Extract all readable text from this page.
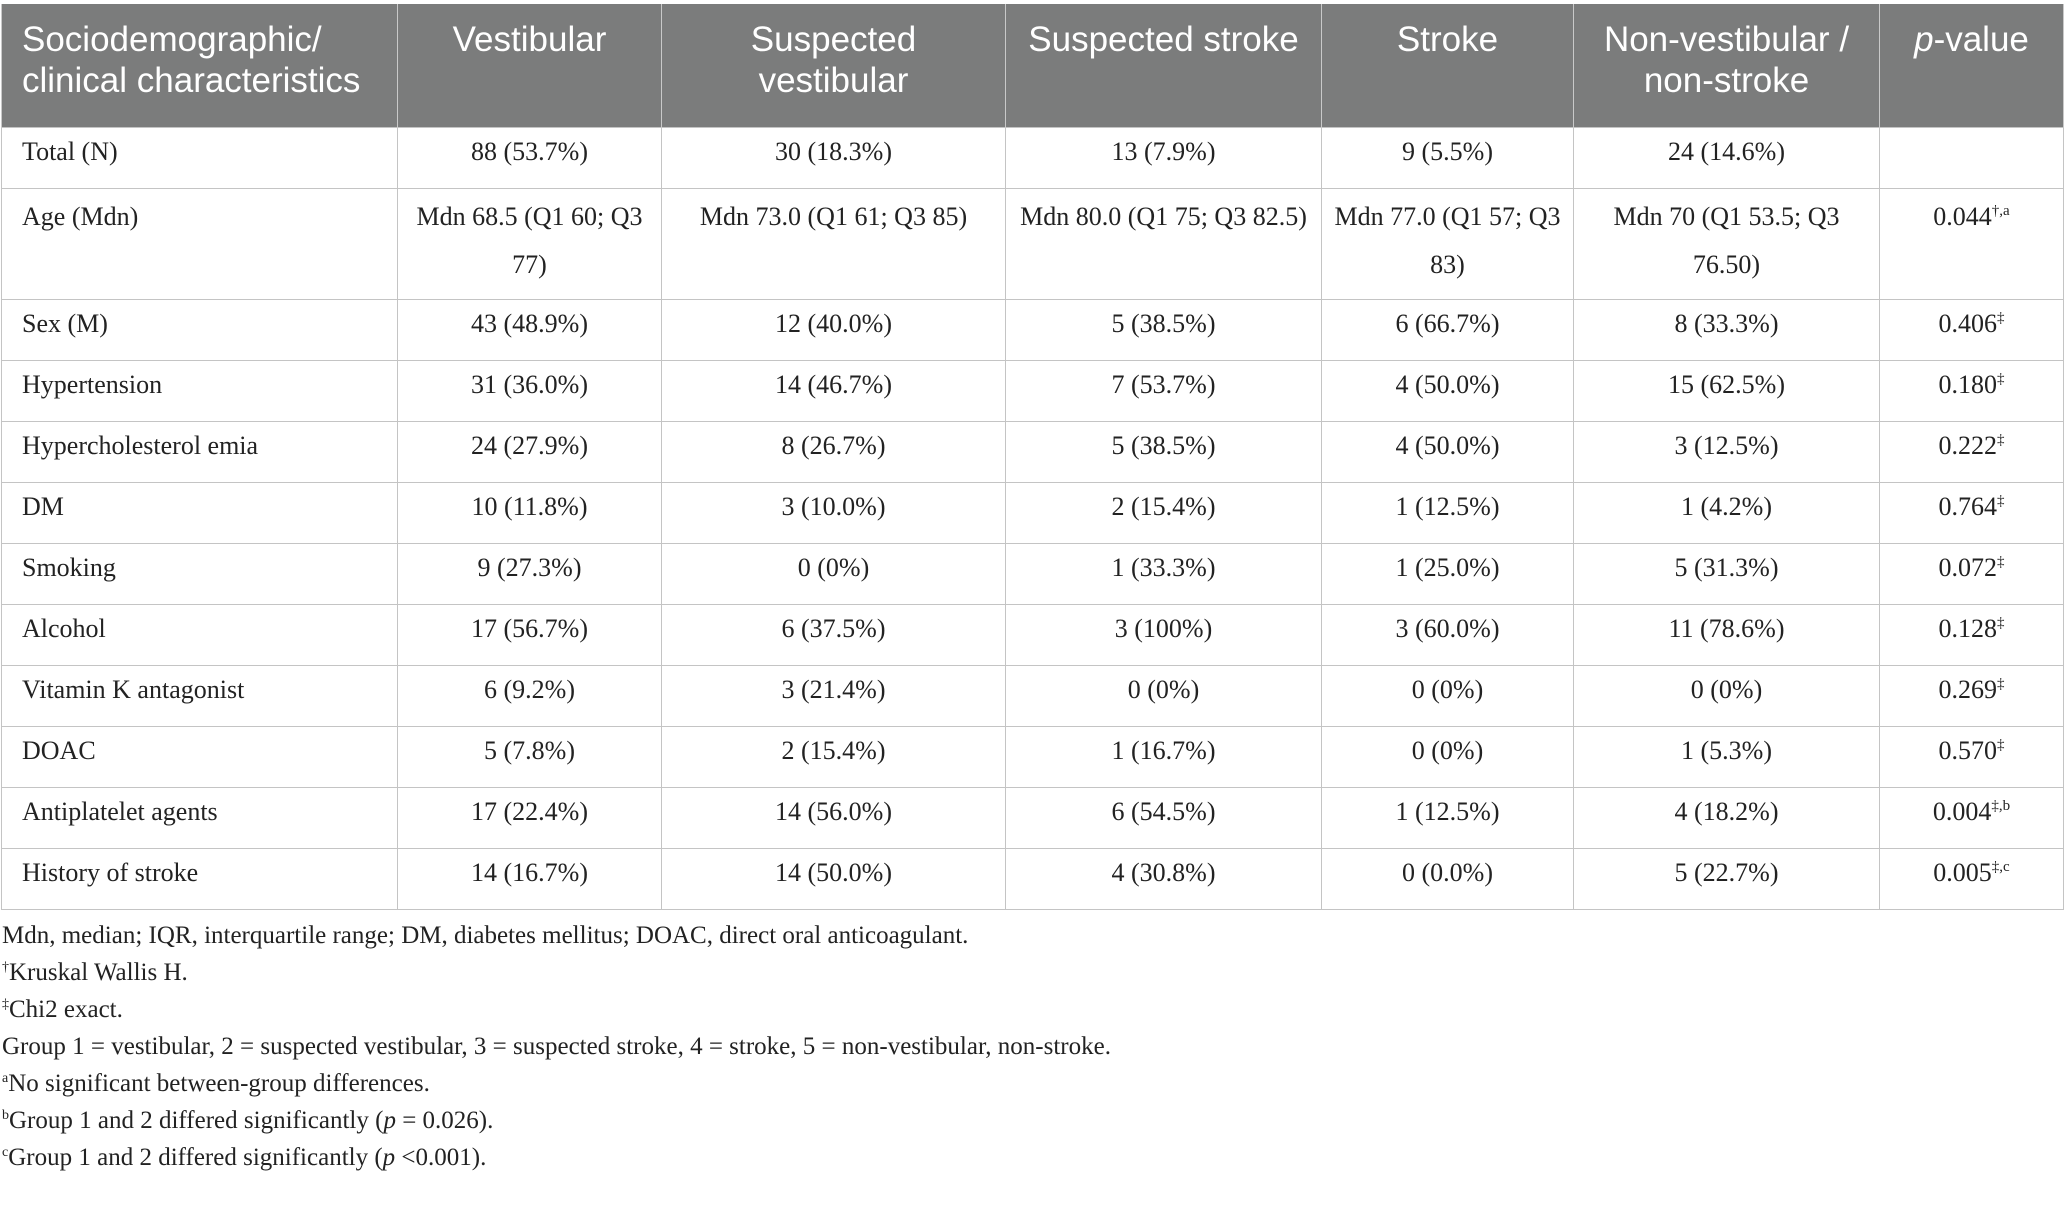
Sociodemographic/ clinical characteristics	Vestibular	Suspected vestibular	Suspected stroke	Stroke	Non-vestibular / non-stroke	p-value
Total (N)	88 (53.7%)	30 (18.3%)	13 (7.9%)	9 (5.5%)	24 (14.6%)	
Age (Mdn)	Mdn 68.5 (Q1 60; Q3 77)	Mdn 73.0 (Q1 61; Q3 85)	Mdn 80.0 (Q1 75; Q3 82.5)	Mdn 77.0 (Q1 57; Q3 83)	Mdn 70 (Q1 53.5; Q3 76.50)	$0.044^{\dagger,a}$
Sex (M)	43 (48.9%)	12 (40.0%)	5 (38.5%)	6 (66.7%)	8 (33.3%)	0.406‡
Hypertension	31 (36.0%)	14 (46.7%)	7 (53.7%)	4 (50.0%)	15 (62.5%)	0.180‡
Hypercholesterol emia	24 (27.9%)	8 (26.7%)	5 (38.5%)	4 (50.0%)	3 (12.5%)	0.222‡
DM	10 (11.8%)	3 (10.0%)	2 (15.4%)	1 (12.5%)	1 (4.2%)	0.764‡
Smoking	9 (27.3%)	0 (0%)	1 (33.3%)	1 (25.0%)	5 (31.3%)	0.072‡
Alcohol	17 (56.7%)	6 (37.5%)	3 (100%)	3 (60.0%)	11 (78.6%)	0.128‡
Vitamin K antagonist	6 (9.2%)	3 (21.4%)	0 (0%)	0 (0%)	0 (0%)	0.269‡
DOAC	5 (7.8%)	2 (15.4%)	1 (16.7%)	0 (0%)	1 (5.3%)	0.570‡
Antiplatelet agents	17 (22.4%)	14 (56.0%)	6 (54.5%)	1 (12.5%)	4 (18.2%)	$0.004^{\ddagger,b}$
History of stroke	14 (16.7%)	14 (50.0%)	4 (30.8%)	0 (0.0%)	5 (22.7%)	$0.005^{\ddagger,c}$
Mdn, median; IQR, interquartile range; DM, diabetes mellitus; DOAC, direct oral anticoagulant.
†Kruskal Wallis H.
‡Chi2 exact.
Group 1 = vestibular, 2 = suspected vestibular, 3 = suspected stroke, 4 = stroke, 5 = non-vestibular, non-stroke.
$^a$No significant between-group differences.
$^b$Group 1 and 2 differed significantly (p = 0.026).
$^c$Group 1 and 2 differed significantly (p <0.001).
